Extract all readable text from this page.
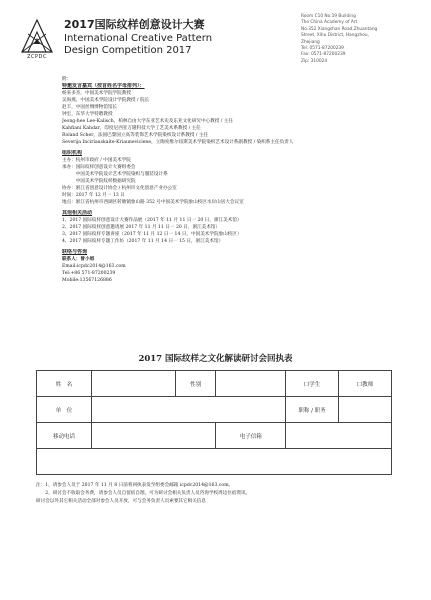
ZCPDC
2017国际纹样创意设计大赛
International Creative Pattern
Design Competition 2017
Room C10 No.19 Building
The China Academy of Art
No.352 Xiangshan Road,Zhuantang
Street, Xihu District, Hangzhou,
Zhejiang
Tel: 0571-87200239
Fax: 0571-87200239
Zip: 310024
附：
特邀发言嘉宾（按首姓名字母排列）：
杨來多杰，中国美术学院学院教授
吴海燕，中国美术学院设计学院教授 / 院长
赵丰，中国丝绸博物馆馆长
钟宏，东华大学特聘教授
Jeong-hee Lee-Kalisch，柏林自由大学东亚艺术史及东亚文化研究中心教授 / 主任
Kahfiani Kahdar，印度尼西亚万隆科技大学工艺美术系教授 / 主任
Roland Scher，法国巴黎国立高等装饰艺术学院染织设计系教授 / 主任
Severija Inciriauskaite-Kriauneviciene，立陶宛维尔纽斯美术学院染织艺术设计系副教授 / 染织系主任负责人
组织机构
主办：杭州市政府 / 中国美术学院
承办：国际纹样创意设计大赛组委会
　　　中国美术学院设计艺术学院染织与服装设计系
　　　中国美术学院纹样数据研究院
协办：浙江省创意设计协会 / 杭州市文化创意产业办公室
时间：2017 年 12 月一 13 日
地点：浙江省杭州市西湖区转塘镇象山路 352 号中国美术学院象山校区水岸山居大会议室
其他相关活动
1、2017 国际纹样创意设计大赛作品展（2017 年 11 月 11 日一 20 日，浙江美术馆）
2、2017 国际纹样创意邀请展 2017 年 11 月 11 日一 20 日，浙江美术馆）
3、2017 国际纹样专题讲座（2017 年 11 月 12 日一 14 日，中国美术学院象山校区）
4、2017 国际纹样专题工作坊（2017 年 11 月 14 日一 15 日，浙江美术馆）
联络与咨询
联系人：曾小姐
Email:icpdc2014@163.com
Tel:+86 571-87200239
Mobile:13567126886
2017 国际纹样之文化解读研讨会回执表
姓　名		性别		口学生	口教师
单　位				职称 / 职务	
移动电话			电子信箱		

注：1、请参会人员于 2017 年 11 月 8 日前将回执表发至组委会邮箱 icpdc2014@163.com。
　　2、研讨会不收取会务费，请参会人员自留宿自理。可为研讨会相关负责人员咨询学校周边住宿资讯。
研讨会以外其它相关活动全部对参会人员开放，可与会务负责人员索要其它相关信息
